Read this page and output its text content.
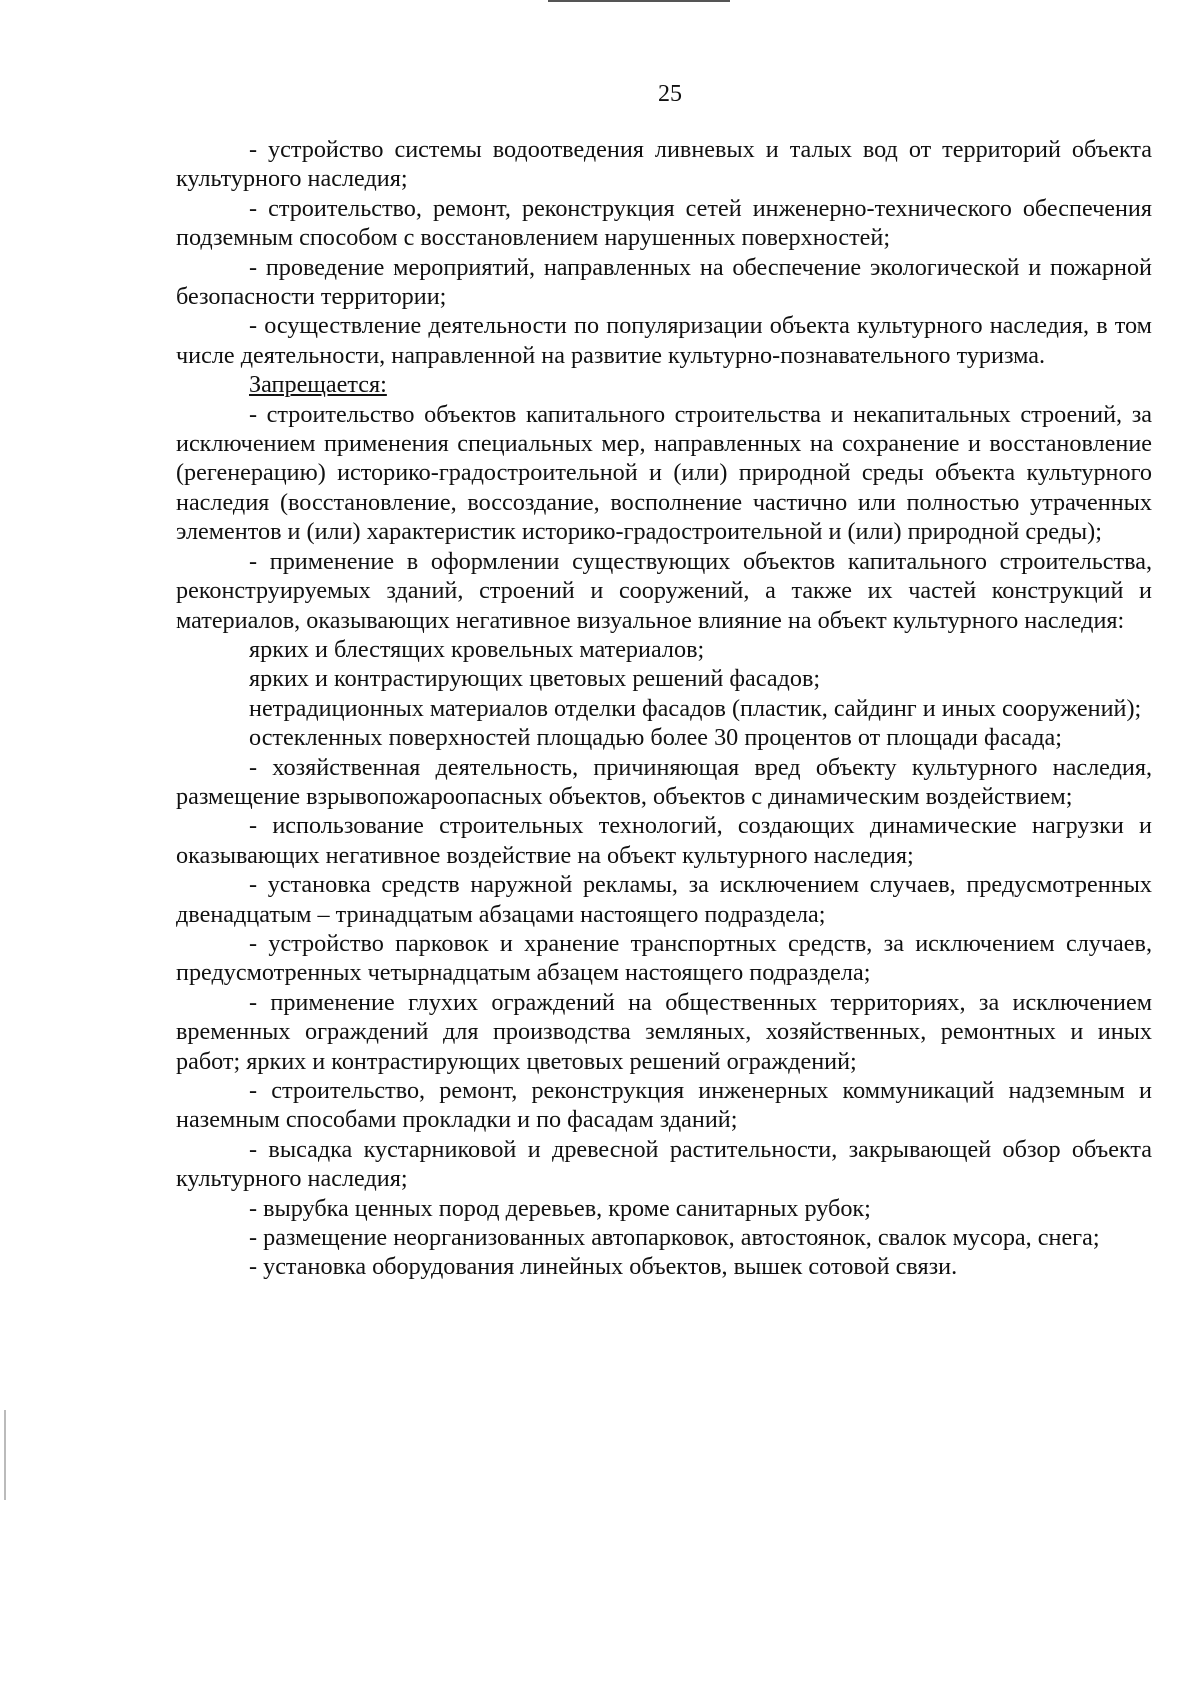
25

- устройство системы водоотведения ливневых и талых вод от территорий объекта культурного наследия;

- строительство, ремонт, реконструкция сетей инженерно-технического обеспечения подземным способом с восстановлением нарушенных поверхностей;

- проведение мероприятий, направленных на обеспечение экологической и пожарной безопасности территории;

- осуществление деятельности по популяризации объекта культурного наследия, в том числе деятельности, направленной на развитие культурно-познавательного туризма.

Запрещается:

- строительство объектов капитального строительства и некапитальных строений, за исключением применения специальных мер, направленных на сохранение и восстановление (регенерацию) историко-градостроительной и (или) природной среды объекта культурного наследия (восстановление, воссоздание, восполнение частично или полностью утраченных элементов и (или) характеристик историко-градостроительной и (или) природной среды);

- применение в оформлении существующих объектов капитального строительства, реконструируемых зданий, строений и сооружений, а также их частей конструкций и материалов, оказывающих негативное визуальное влияние на объект культурного наследия:

ярких и блестящих кровельных материалов;

ярких и контрастирующих цветовых решений фасадов;

нетрадиционных материалов отделки фасадов (пластик, сайдинг и иных сооружений);

остекленных поверхностей площадью более 30 процентов от площади фасада;

- хозяйственная деятельность, причиняющая вред объекту культурного наследия, размещение взрывопожароопасных объектов, объектов с динамическим воздействием;

- использование строительных технологий, создающих динамические нагрузки и оказывающих негативное воздействие на объект культурного наследия;

- установка средств наружной рекламы, за исключением случаев, предусмотренных двенадцатым – тринадцатым абзацами настоящего подраздела;

- устройство парковок и хранение транспортных средств, за исключением случаев, предусмотренных четырнадцатым абзацем настоящего подраздела;

- применение глухих ограждений на общественных территориях, за исключением временных ограждений для производства земляных, хозяйственных, ремонтных и иных работ; ярких и контрастирующих цветовых решений ограждений;

- строительство, ремонт, реконструкция инженерных коммуникаций надземным и наземным способами прокладки и по фасадам зданий;

- высадка кустарниковой и древесной растительности, закрывающей обзор объекта культурного наследия;

- вырубка ценных пород деревьев, кроме санитарных рубок;

- размещение неорганизованных автопарковок, автостоянок, свалок мусора, снега;

- установка оборудования линейных объектов, вышек сотовой связи.
